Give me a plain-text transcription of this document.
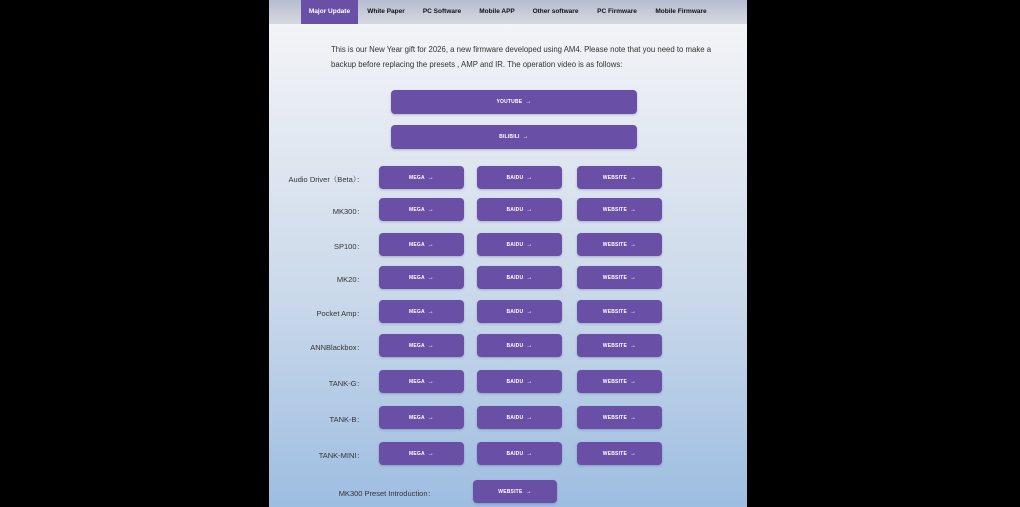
Major Update	White Paper	PC Software	Mobile APP	Other software	PC Firmware	Mobile Firmware
This is our New Year gift for 2026, a new firmware developed using AM4. Please note that you need to make a backup before replacing the presets , AMP and IR. The operation video is as follows:
YOUTUBE →
BILIBILI →
Audio Driver（Beta）：	MEGA →	BAIDU →	WEBSITE →
MK300：	MEGA →	BAIDU →	WEBSITE →
SP100：	MEGA →	BAIDU →	WEBSITE →
MK20：	MEGA →	BAIDU →	WEBSITE →
Pocket Amp：	MEGA →	BAIDU →	WEBSITE →
ANNBlackbox：	MEGA →	BAIDU →	WEBSITE →
TANK-G：	MEGA →	BAIDU →	WEBSITE →
TANK-B：	MEGA →	BAIDU →	WEBSITE →
TANK-MINI：	MEGA →	BAIDU →	WEBSITE →
MK300 Preset Introduction：	WEBSITE →
